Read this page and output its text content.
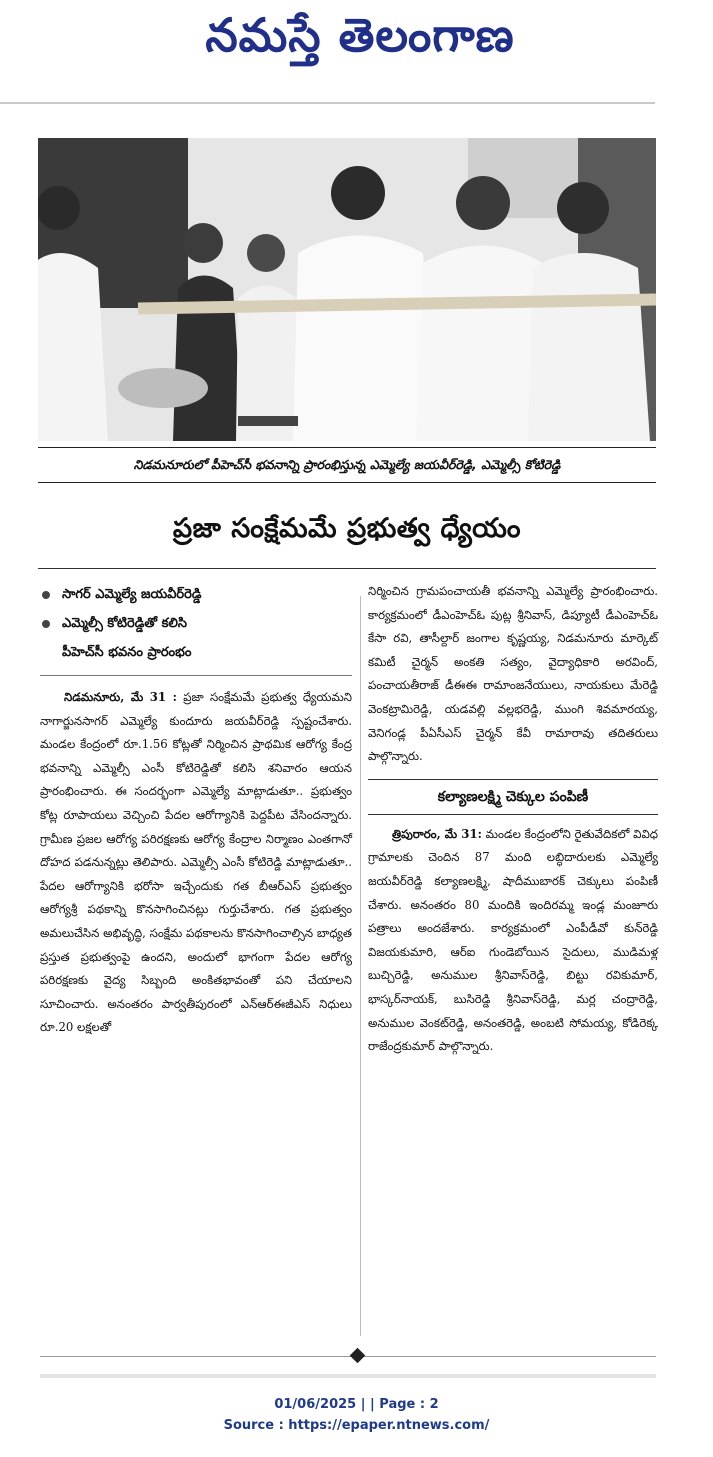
నమస్తే తెలంగాణ
నిడమనూరులో పీహెచ్‌సీ భవనాన్ని ప్రారంభిస్తున్న ఎమ్మెల్యే జయవీర్‌రెడ్డి, ఎమ్మెల్సీ కోటిరెడ్డి
ప్రజా సంక్షేమమే ప్రభుత్వ ధ్యేయం
సాగర్ ఎమ్మెల్యే జయవీర్‌రెడ్డి
ఎమ్మెల్సీ కోటిరెడ్డితో కలిసి
పీహెచ్‌సీ భవనం ప్రారంభం

నిడమనూరు, మే 31 : ప్రజా సంక్షేమమే ప్రభుత్వ ధ్యేయమని నాగార్జునసాగర్ ఎమ్మెల్యే కుందూరు జయవీర్‌రెడ్డి స్పష్టంచేశారు. మండల కేంద్రంలో రూ.1.56 కోట్లతో నిర్మించిన ప్రాథమిక ఆరోగ్య కేంద్ర భవనాన్ని ఎమ్మెల్సీ ఎంసీ కోటిరెడ్డితో కలిసి శనివారం ఆయన ప్రారంభించారు. ఈ సందర్భంగా ఎమ్మెల్యే మాట్లాడుతూ.. ప్రభుత్వం కోట్ల రూపాయలు వెచ్చించి పేదల ఆరోగ్యానికి పెద్దపీట వేసిందన్నారు. గ్రామీణ ప్రజల ఆరోగ్య పరిరక్షణకు ఆరోగ్య కేంద్రాల నిర్మాణం ఎంతగానో దోహద పడనున్నట్లు తెలిపారు. ఎమ్మెల్సీ ఎంసీ కోటిరెడ్డి మాట్లాడుతూ.. పేదల ఆరోగ్యానికి భరోసా ఇచ్చేందుకు గత బీఆర్‌ఎస్ ప్రభుత్వం ఆరోగ్యశ్రీ పథకాన్ని కొనసాగించినట్లు గుర్తుచేశారు. గత ప్రభుత్వం అమలుచేసిన అభివృద్ధి, సంక్షేమ పథకాలను కొనసాగించాల్సిన బాధ్యత ప్రస్తుత ప్రభుత్వంపై ఉందని, అందులో భాగంగా పేదల ఆరోగ్య పరిరక్షణకు వైద్య సిబ్బంది అంకితభావంతో పని చేయాలని సూచించారు. అనంతరం పార్వతీపురంలో ఎన్‌ఆర్‌ఈజీఎస్ నిధులు రూ.20 లక్షలతో

నిర్మించిన గ్రామపంచాయతీ భవనాన్ని ఎమ్మెల్యే ప్రారంభించారు. కార్యక్రమంలో డీఎంహెచ్‌ఓ పుట్ల శ్రీనివాస్, డిప్యూటీ డీఎంహెచ్‌ఓ కేసా రవి, తాసీల్దార్ జంగాల కృష్ణయ్య, నిడమనూరు మార్కెట్ కమిటీ చైర్మన్ అంకతి సత్యం, వైద్యాధికారి అరవింద్, పంచాయతీరాజ్ డీఈఈ రామాంజనేయులు, నాయకులు మేరెడ్డి వెంకట్రామిరెడ్డి, యడవల్లి వల్లభరెడ్డి, ముంగి శివమారయ్య, వెనిగండ్ల పీఏసీఎస్ చైర్మన్ కేవీ రామారావు తదితరులు పాల్గొన్నారు.

కల్యాణలక్ష్మి చెక్కుల పంపిణీ

త్రిపురారం, మే 31: మండల కేంద్రంలోని రైతువేదికలో వివిధ గ్రామాలకు చెందిన 87 మంది లబ్ధిదారులకు ఎమ్మెల్యే జయవీర్‌రెడ్డి కల్యాణలక్ష్మి, షాదీముబారక్ చెక్కులు పంపిణీ చేశారు. అనంతరం 80 మందికి ఇందిరమ్మ ఇండ్ల మంజూరు పత్రాలు అందజేశారు. కార్యక్రమంలో ఎంపీడీవో కున్‌రెడ్డి విజయకుమారి, ఆర్‌ఐ గుండెబోయిన సైదులు, ముడిమళ్ల బుచ్చిరెడ్డి, అనుముల శ్రీనివాస్‌రెడ్డి, బిట్టు రవికుమార్, భాస్కర్‌నాయక్, బుసిరెడ్డి శ్రీనివాస్‌రెడ్డి, మర్ల చంద్రారెడ్డి, అనుముల వెంకట్‌రెడ్డి, అనంతరెడ్డి, అంబటి సోమయ్య, కోడిరెక్క రాజేంద్రకుమార్ పాల్గొన్నారు.

01/06/2025 | | Page : 2
Source : https://epaper.ntnews.com/
